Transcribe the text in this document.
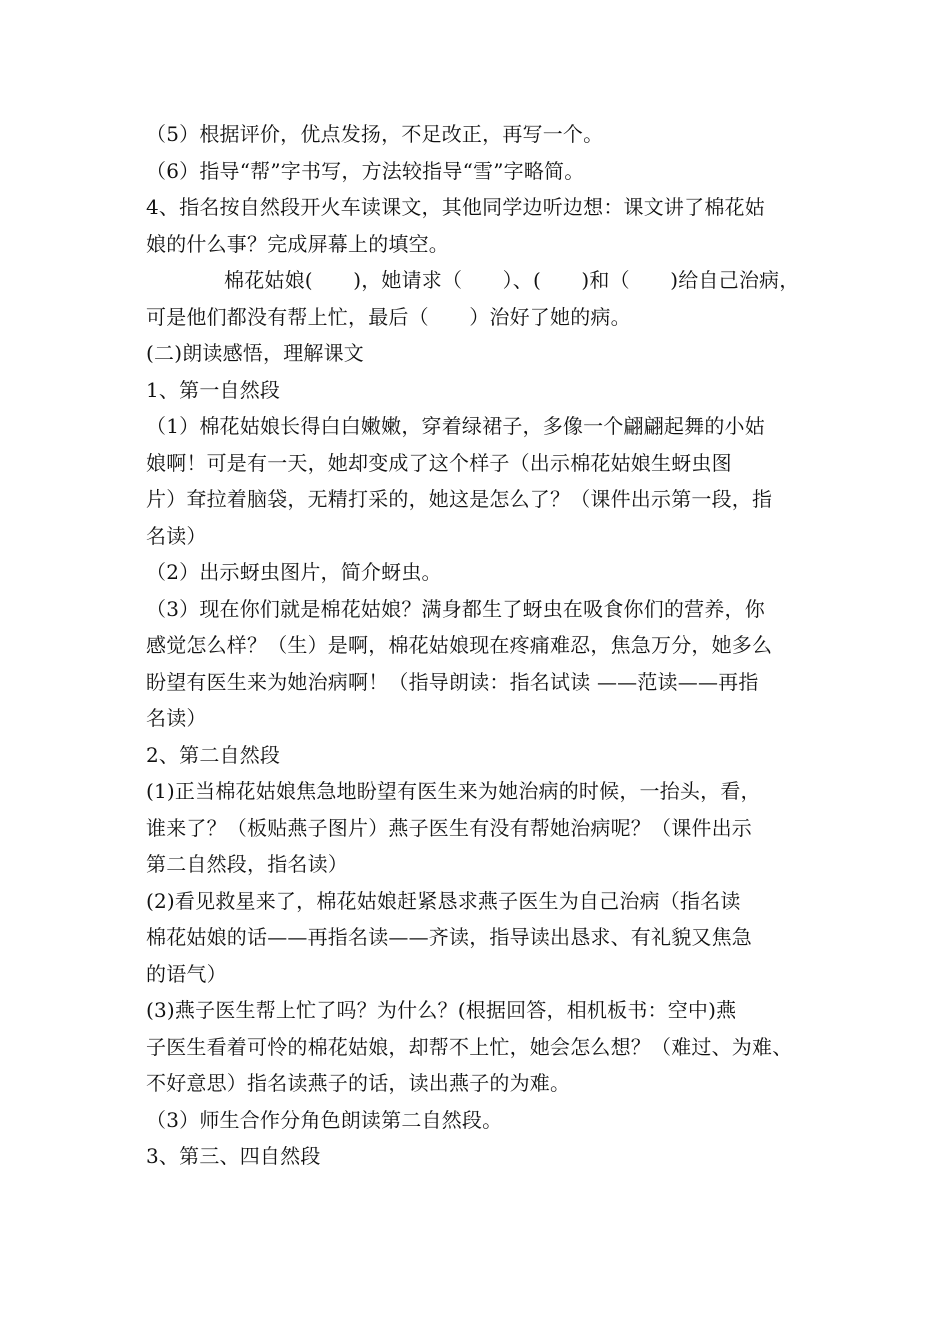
（5）根据评价，优点发扬，不足改正，再写一个。
（6）指导“帮”字书写，方法较指导“雪”字略简。
4、指名按自然段开火车读课文，其他同学边听边想：课文讲了棉花姑
娘的什么事？完成屏幕上的填空。
棉花姑娘(　　)，她请求（　　）、(　　)和（　　)给自己治病，
可是他们都没有帮上忙，最后（　　）治好了她的病。
(二)朗读感悟，理解课文
1、第一自然段
（1）棉花姑娘长得白白嫩嫩，穿着绿裙子，多像一个翩翩起舞的小姑
娘啊！可是有一天，她却变成了这个样子（出示棉花姑娘生蚜虫图
片）耷拉着脑袋，无精打采的，她这是怎么了？（课件出示第一段，指
名读）
（2）出示蚜虫图片，简介蚜虫。
（3）现在你们就是棉花姑娘？满身都生了蚜虫在吸食你们的营养，你
感觉怎么样？（生）是啊，棉花姑娘现在疼痛难忍，焦急万分，她多么
盼望有医生来为她治病啊！（指导朗读：指名试读 ——范读——再指
名读）
2、第二自然段
(1)正当棉花姑娘焦急地盼望有医生来为她治病的时候，一抬头，看，
谁来了？（板贴燕子图片）燕子医生有没有帮她治病呢？（课件出示
第二自然段，指名读）
(2)看见救星来了，棉花姑娘赶紧恳求燕子医生为自己治病（指名读
棉花姑娘的话——再指名读——齐读，指导读出恳求、有礼貌又焦急
的语气）
(3)燕子医生帮上忙了吗？为什么？(根据回答，相机板书：空中)燕
子医生看着可怜的棉花姑娘，却帮不上忙，她会怎么想？（难过、为难、
不好意思）指名读燕子的话，读出燕子的为难。
（3）师生合作分角色朗读第二自然段。
3、第三、四自然段
